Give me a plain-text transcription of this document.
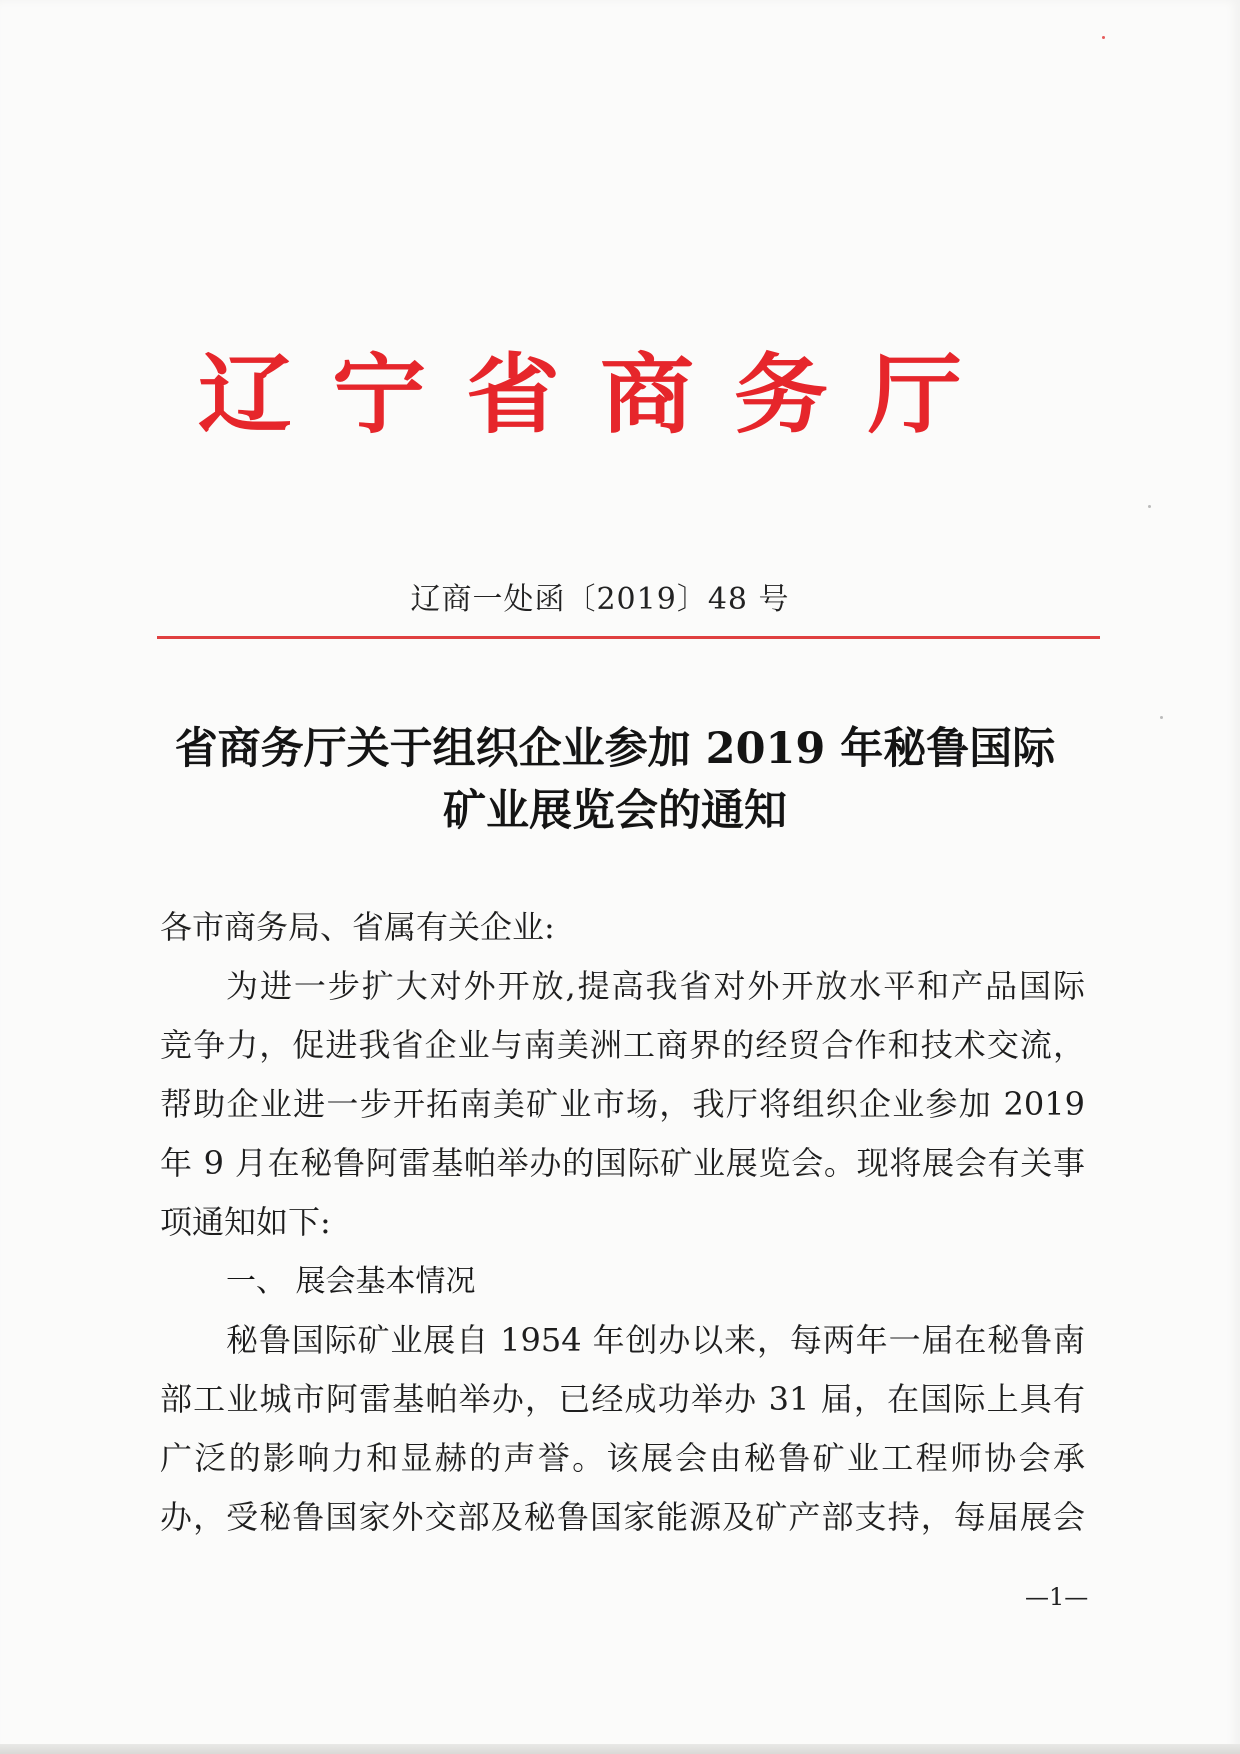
辽宁省商务厅
辽商一处函〔2019〕48 号
省商务厅关于组织企业参加 2019 年秘鲁国际
矿业展览会的通知
各市商务局、省属有关企业:
为进一步扩大对外开放,提高我省对外开放水平和产品国际
竞争力，促进我省企业与南美洲工商界的经贸合作和技术交流，
帮助企业进一步开拓南美矿业市场，我厅将组织企业参加 2019
年 9 月在秘鲁阿雷基帕举办的国际矿业展览会。现将展会有关事
项通知如下:
一、 展会基本情况
秘鲁国际矿业展自 1954 年创办以来，每两年一届在秘鲁南
部工业城市阿雷基帕举办，已经成功举办 31 届，在国际上具有
广泛的影响力和显赫的声誉。该展会由秘鲁矿业工程师协会承
办，受秘鲁国家外交部及秘鲁国家能源及矿产部支持，每届展会
—1—
